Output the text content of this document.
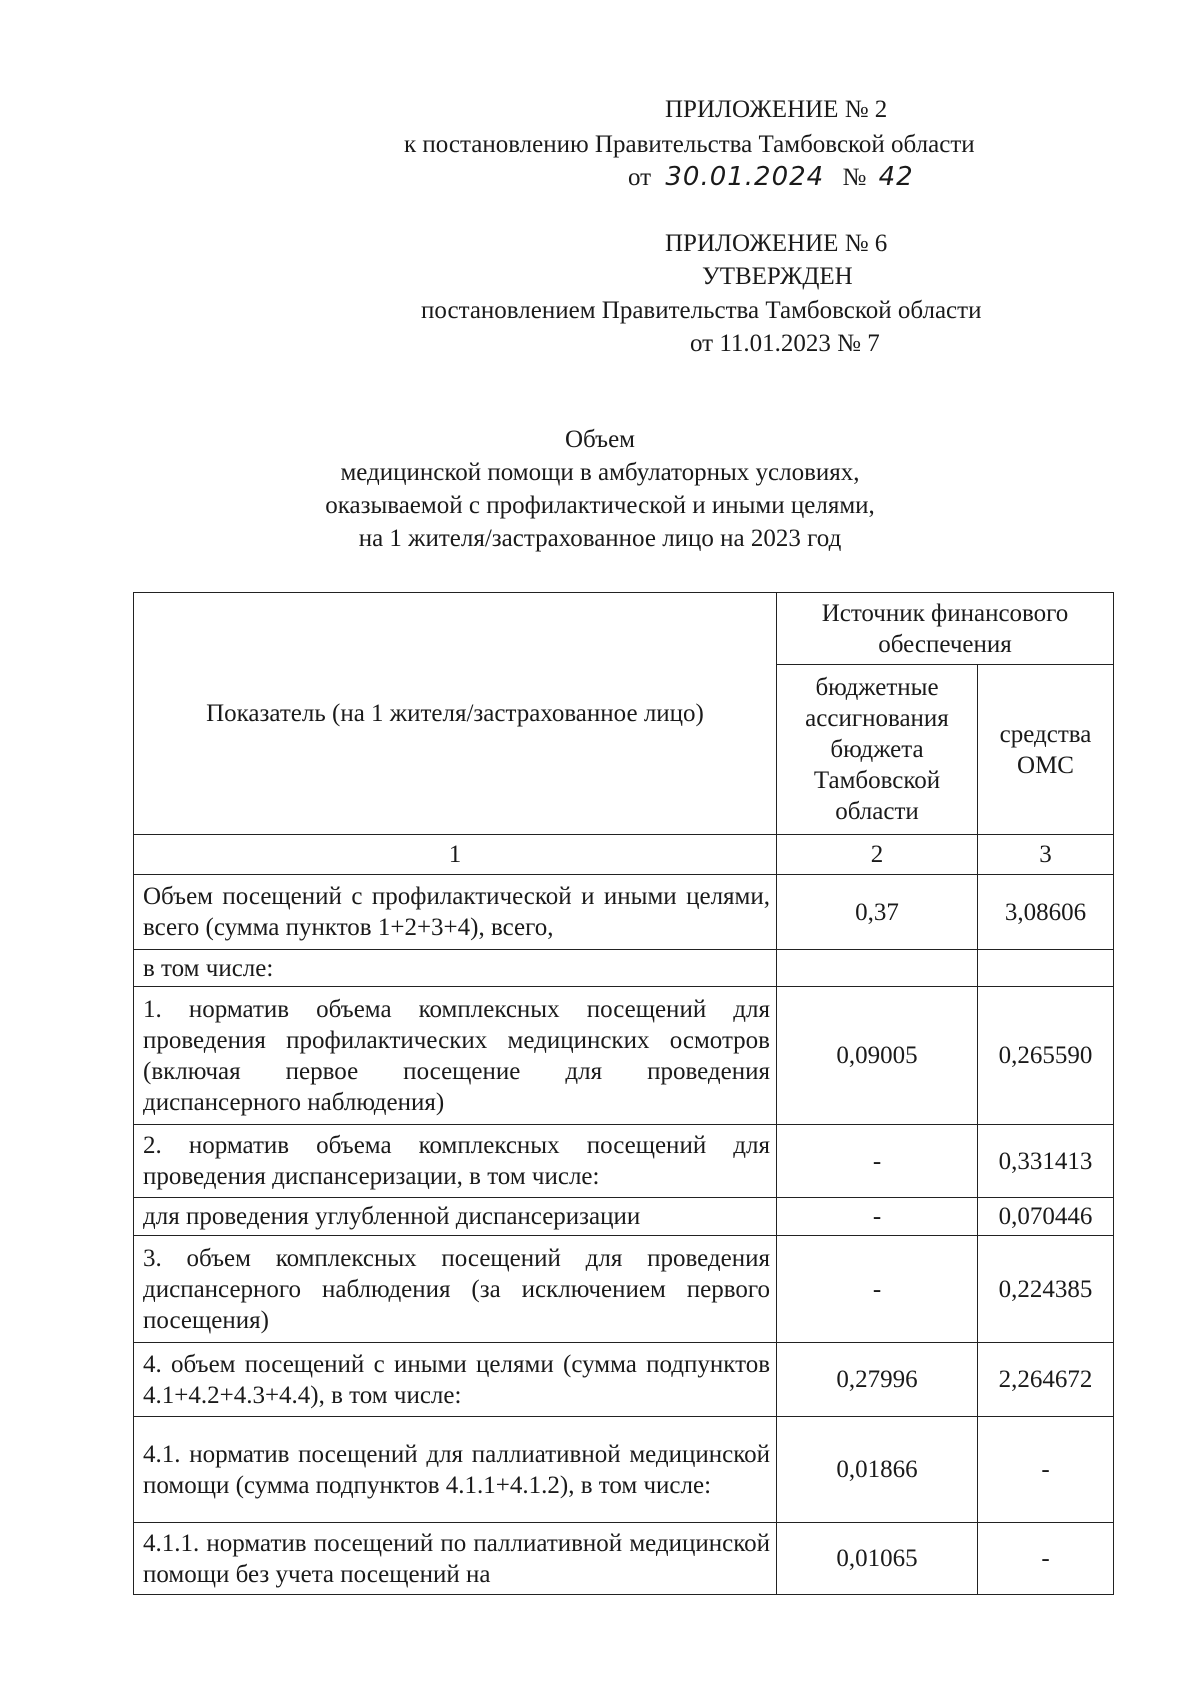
ПРИЛОЖЕНИЕ № 2
к постановлению Правительства Тамбовской области
от 30.01.2024 № 42
ПРИЛОЖЕНИЕ № 6
УТВЕРЖДЕН
постановлением Правительства Тамбовской области
от 11.01.2023 № 7
Объем
медицинской помощи в амбулаторных условиях,
оказываемой с профилактической и иными целями,
на 1 жителя/застрахованное лицо на 2023 год
Показатель (на 1 жителя/застрахованное лицо)	Источник финансового обеспечения	
	бюджетные ассигнования бюджета Тамбовской области	средства ОМС
1	2	3
Объем посещений с профилактической и иными целями, всего (сумма пунктов 1+2+3+4), всего,	0,37	3,08606
в том числе:		
1. норматив объема комплексных посещений для проведения профилактических медицинских осмотров (включая первое посещение для проведения диспансерного наблюдения)	0,09005	0,265590
2. норматив объема комплексных посещений для проведения диспансеризации, в том числе:	-	0,331413
для проведения углубленной диспансеризации	-	0,070446
3. объем комплексных посещений для проведения диспансерного наблюдения (за исключением первого посещения)	-	0,224385
4. объем посещений с иными целями (сумма подпунктов 4.1+4.2+4.3+4.4), в том числе:	0,27996	2,264672
4.1. норматив посещений для паллиативной медицинской помощи (сумма подпунктов 4.1.1+4.1.2), в том числе:	0,01866	-
4.1.1. норматив посещений по паллиативной медицинской помощи без учета посещений на	0,01065	-
